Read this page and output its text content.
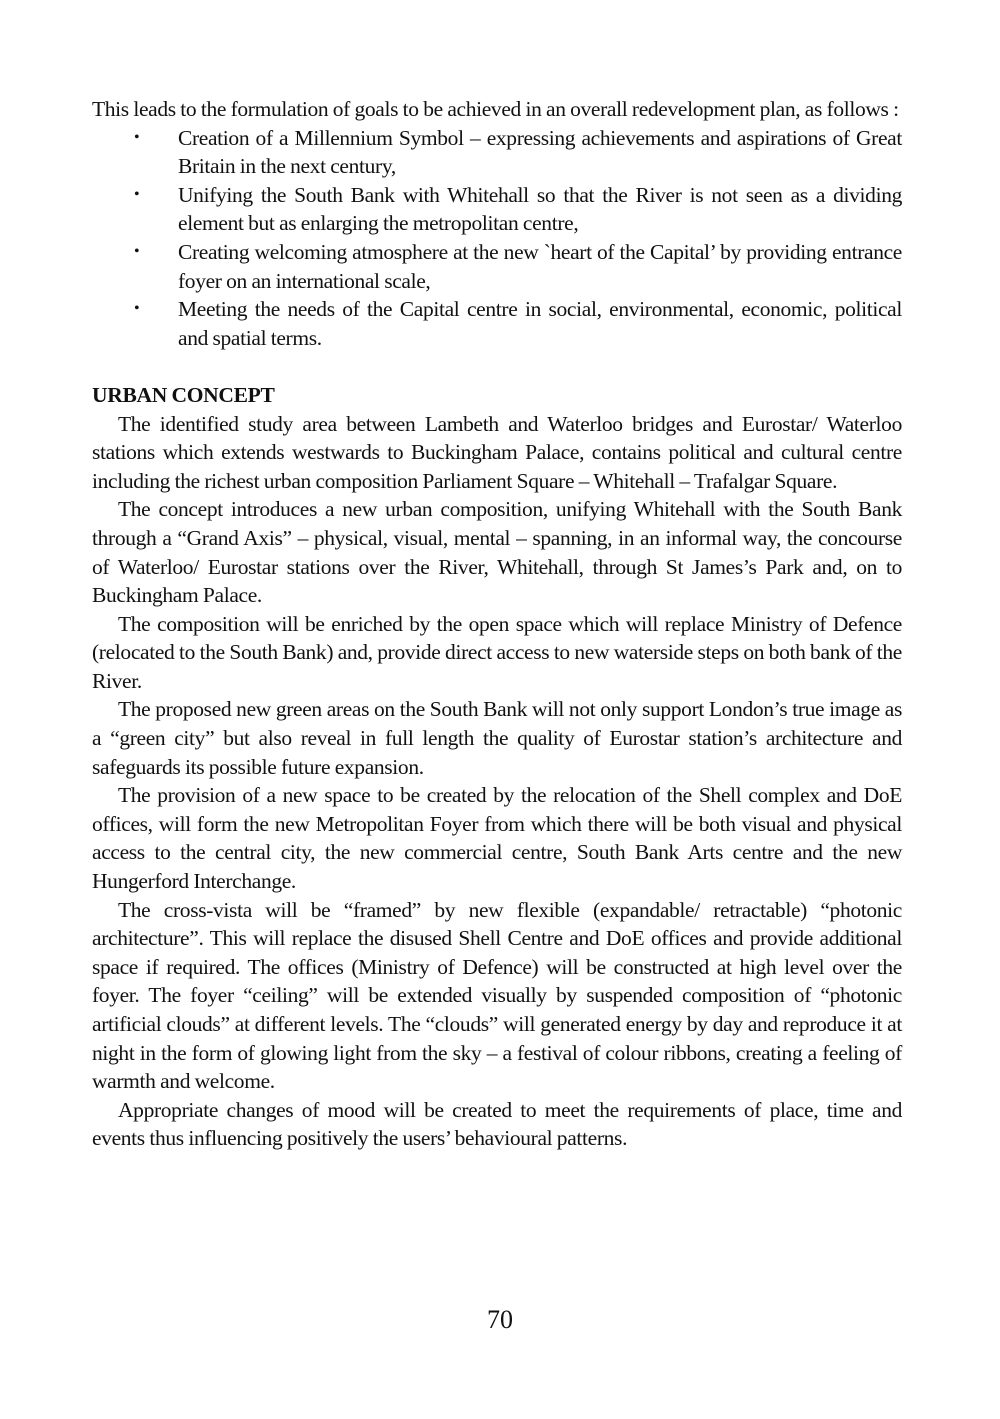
This leads to the formulation of goals to be achieved in an overall redevelopment plan, as follows :

• Creation of a Millennium Symbol – expressing achievements and aspirations of Great Britain in the next century,
• Unifying the South Bank with Whitehall so that the River is not seen as a dividing element but as enlarging the metropolitan centre,
• Creating welcoming atmosphere at the new `heart of the Capital’ by providing entrance foyer on an international scale,
• Meeting the needs of the Capital centre in social, environmental, economic, political and spatial terms.
URBAN CONCEPT

The identified study area between Lambeth and Waterloo bridges and Eurostar/ Waterloo stations which extends westwards to Buckingham Palace, contains political and cultural centre including the richest urban composition Parliament Square – Whitehall – Trafalgar Square.

The concept introduces a new urban composition, unifying Whitehall with the South Bank through a “Grand Axis” – physical, visual, mental – spanning, in an informal way, the concourse of Waterloo/ Eurostar stations over the River, Whitehall, through St James’s Park and, on to Buckingham Palace.

The composition will be enriched by the open space which will replace Ministry of Defence (relocated to the South Bank) and, provide direct access to new waterside steps on both bank of the River.

The proposed new green areas on the South Bank will not only support London’s true image as a “green city” but also reveal in full length the quality of Eurostar station’s architecture and safeguards its possible future expansion.

The provision of a new space to be created by the relocation of the Shell complex and DoE offices, will form the new Metropolitan Foyer from which there will be both visual and physical access to the central city, the new commercial centre, South Bank Arts centre and the new Hungerford Interchange.

The cross-vista will be “framed” by new flexible (expandable/ retractable) “photonic architecture”. This will replace the disused Shell Centre and DoE offices and provide additional space if required. The offices (Ministry of Defence) will be constructed at high level over the foyer. The foyer “ceiling” will be extended visually by suspended composition of “photonic artificial clouds” at different levels. The “clouds” will generated energy by day and reproduce it at night in the form of glowing light from the sky – a festival of colour ribbons, creating a feeling of warmth and welcome.

Appropriate changes of mood will be created to meet the requirements of place, time and events thus influencing positively the users’ behavioural patterns.

70
